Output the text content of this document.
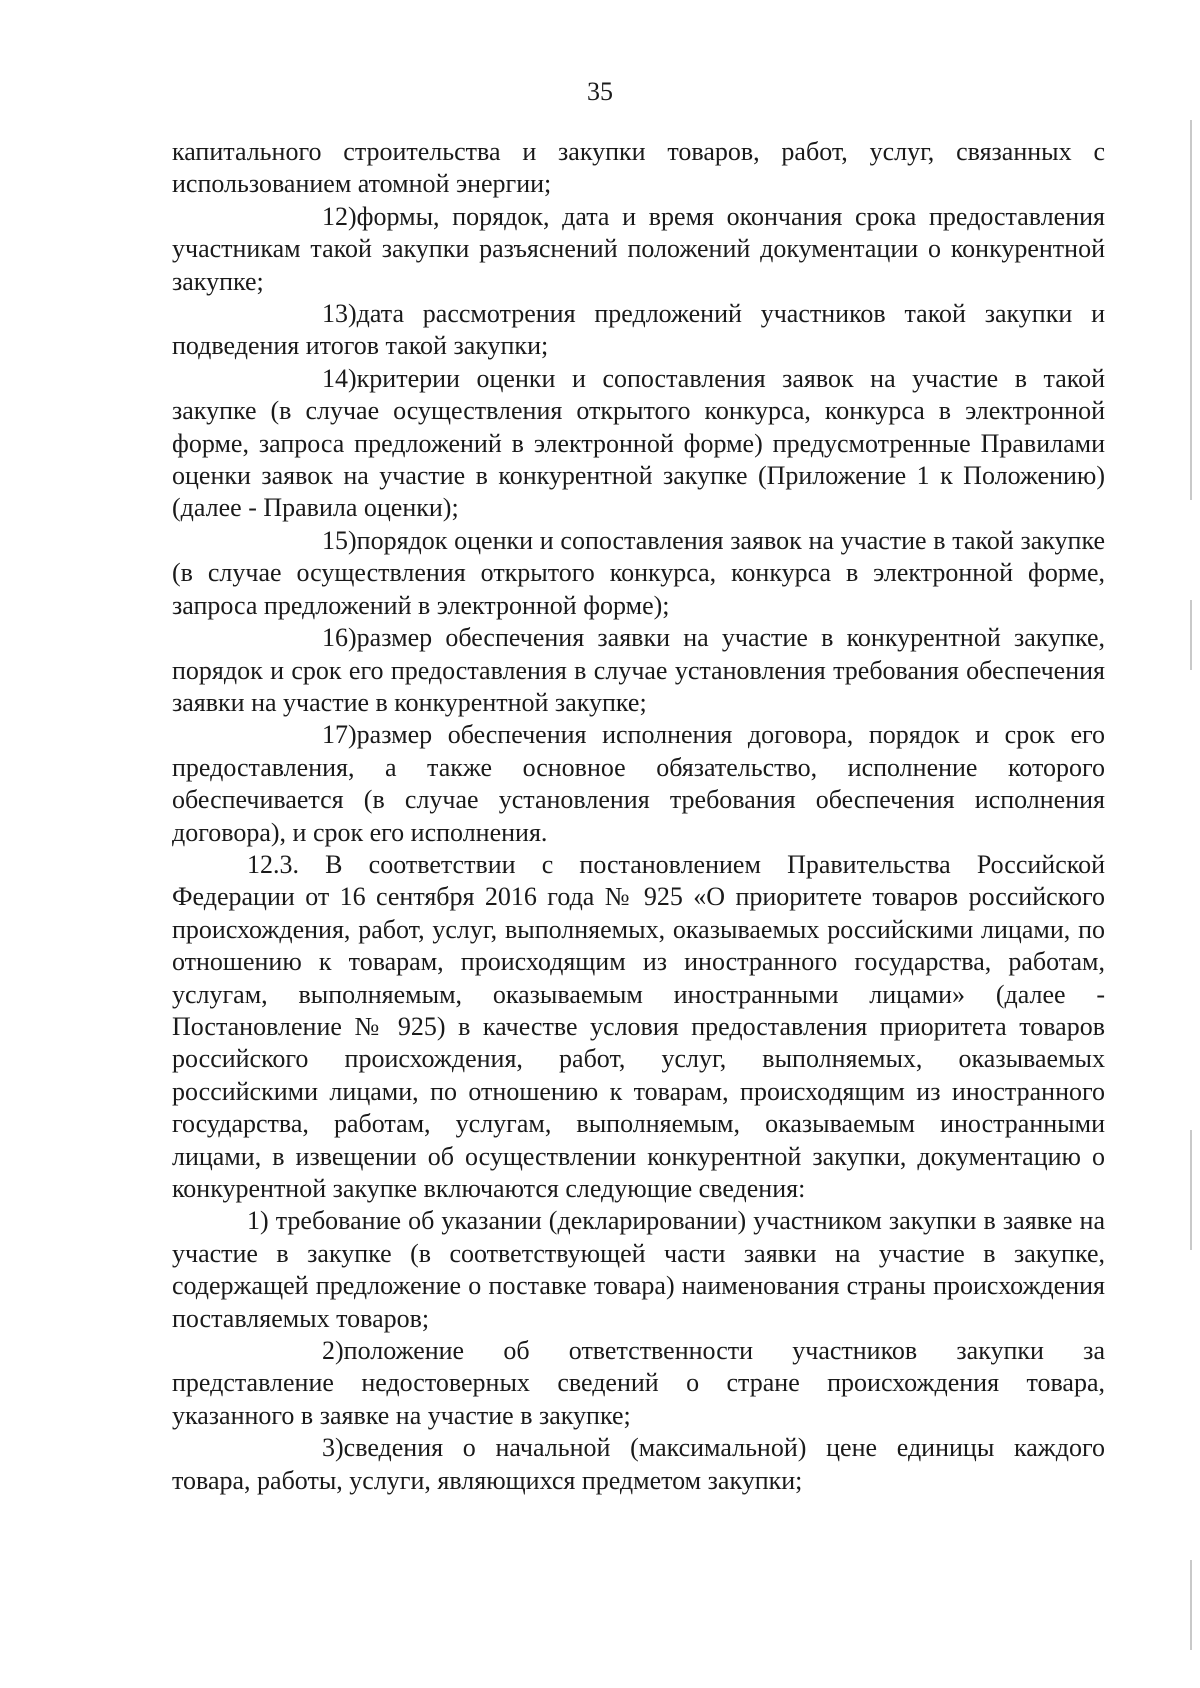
35

капитального строительства и закупки товаров, работ, услуг, связанных с использованием атомной энергии;

12)формы, порядок, дата и время окончания срока предоставления участникам такой закупки разъяснений положений документации о конкурентной закупке;

13)дата рассмотрения предложений участников такой закупки и подведения итогов такой закупки;

14)критерии оценки и сопоставления заявок на участие в такой закупке (в случае осуществления открытого конкурса, конкурса в электронной форме, запроса предложений в электронной форме) предусмотренные Правилами оценки заявок на участие в конкурентной закупке (Приложение 1 к Положению) (далее - Правила оценки);

15)порядок оценки и сопоставления заявок на участие в такой закупке (в случае осуществления открытого конкурса, конкурса в электронной форме, запроса предложений в электронной форме);

16)размер обеспечения заявки на участие в конкурентной закупке, порядок и срок его предоставления в случае установления требования обеспечения заявки на участие в конкурентной закупке;

17)размер обеспечения исполнения договора, порядок и срок его предоставления, а также основное обязательство, исполнение которого обеспечивается (в случае установления требования обеспечения исполнения договора), и срок его исполнения.

12.3. В соответствии с постановлением Правительства Российской Федерации от 16 сентября 2016 года № 925 «О приоритете товаров российского происхождения, работ, услуг, выполняемых, оказываемых российскими лицами, по отношению к товарам, происходящим из иностранного государства, работам, услугам, выполняемым, оказываемым иностранными лицами» (далее - Постановление № 925) в качестве условия предоставления приоритета товаров российского происхождения, работ, услуг, выполняемых, оказываемых российскими лицами, по отношению к товарам, происходящим из иностранного государства, работам, услугам, выполняемым, оказываемым иностранными лицами, в извещении об осуществлении конкурентной закупки, документацию о конкурентной закупке включаются следующие сведения:

1) требование об указании (декларировании) участником закупки в заявке на участие в закупке (в соответствующей части заявки на участие в закупке, содержащей предложение о поставке товара) наименования страны происхождения поставляемых товаров;

2)положение об ответственности участников закупки за представление недостоверных сведений о стране происхождения товара, указанного в заявке на участие в закупке;

3)сведения о начальной (максимальной) цене единицы каждого товара, работы, услуги, являющихся предметом закупки;
